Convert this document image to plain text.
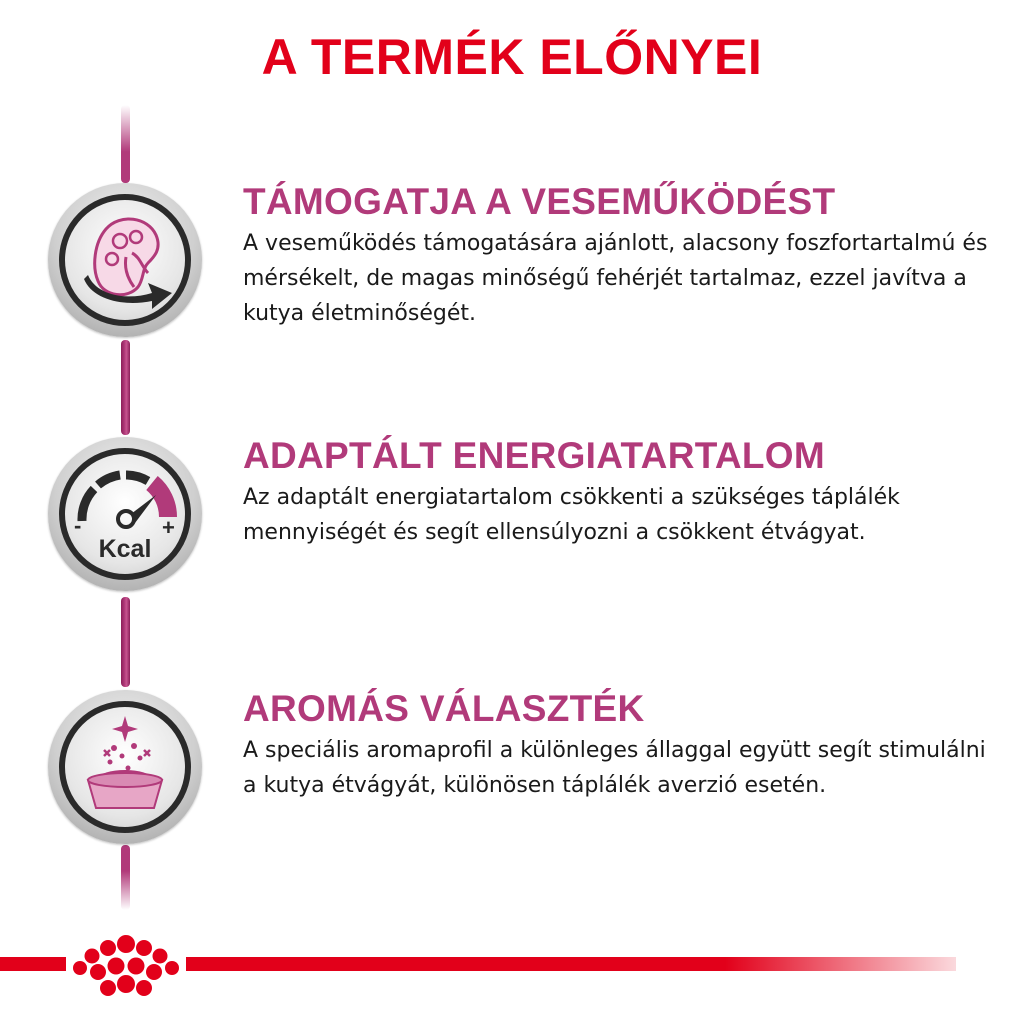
A TERMÉK ELŐNYEI
TÁMOGATJA A VESEMŰKÖDÉST
A veseműködés támogatására ajánlott, alacsony foszfortartalmú és mérsékelt, de magas minőségű fehérjét tartalmaz, ezzel javítva a kutya életminőségét.
-	+
Kcal
ADAPTÁLT ENERGIATARTALOM
Az adaptált energiatartalom csökkenti a szükséges táplálék mennyiségét és segít ellensúlyozni a csökkent étvágyat.
AROMÁS VÁLASZTÉK
A speciális aromaprofil a különleges állaggal együtt segít stimulálni a kutya étvágyát, különösen táplálék averzió esetén.
